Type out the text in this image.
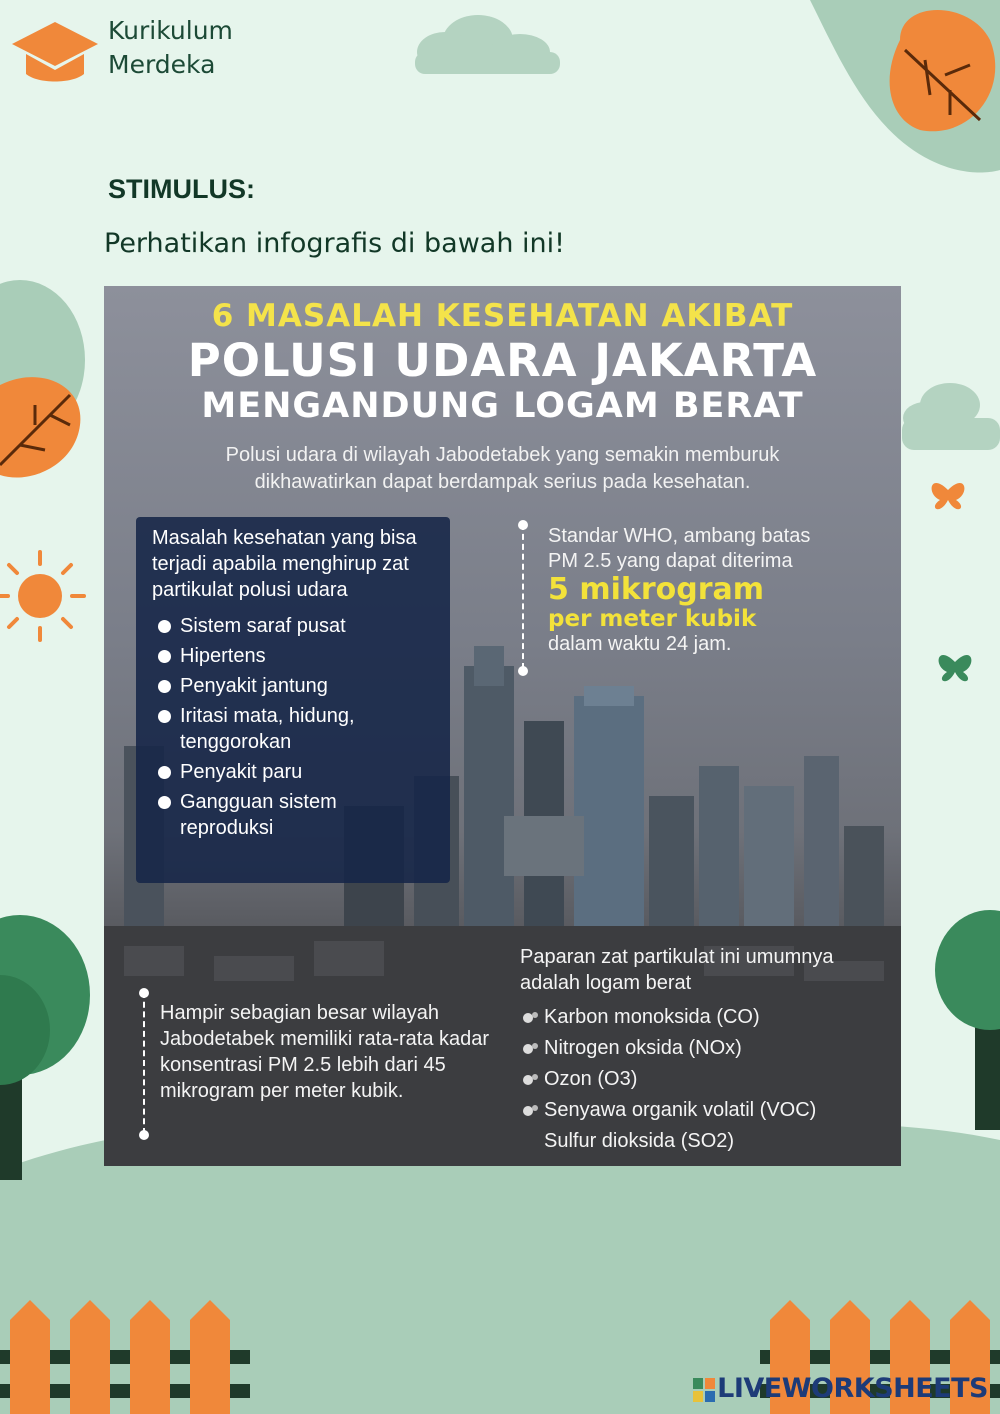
Kurikulum
Merdeka
STIMULUS:
Perhatikan infografis di bawah ini!
6 MASALAH KESEHATAN AKIBAT
POLUSI UDARA JAKARTA
MENGANDUNG LOGAM BERAT
Polusi udara di wilayah Jabodetabek yang semakin memburuk
dikhawatirkan dapat berdampak serius pada kesehatan.
Masalah kesehatan yang bisa terjadi apabila menghirup zat partikulat polusi udara
Sistem saraf pusat
Hipertens
Penyakit jantung
Iritasi mata, hidung, tenggorokan
Penyakit paru
Gangguan sistem reproduksi
Standar WHO, ambang batas
PM 2.5 yang dapat diterima
5 mikrogram
per meter kubik
dalam waktu 24 jam.
Hampir sebagian besar wilayah Jabodetabek memiliki rata-rata kadar konsentrasi PM 2.5 lebih dari 45 mikrogram per meter kubik.
Paparan zat partikulat ini umumnya adalah logam berat
Karbon monoksida (CO)
Nitrogen oksida (NOx)
Ozon (O3)
Senyawa organik volatil (VOC)
Sulfur dioksida (SO2)
LIVEWORKSHEETS
